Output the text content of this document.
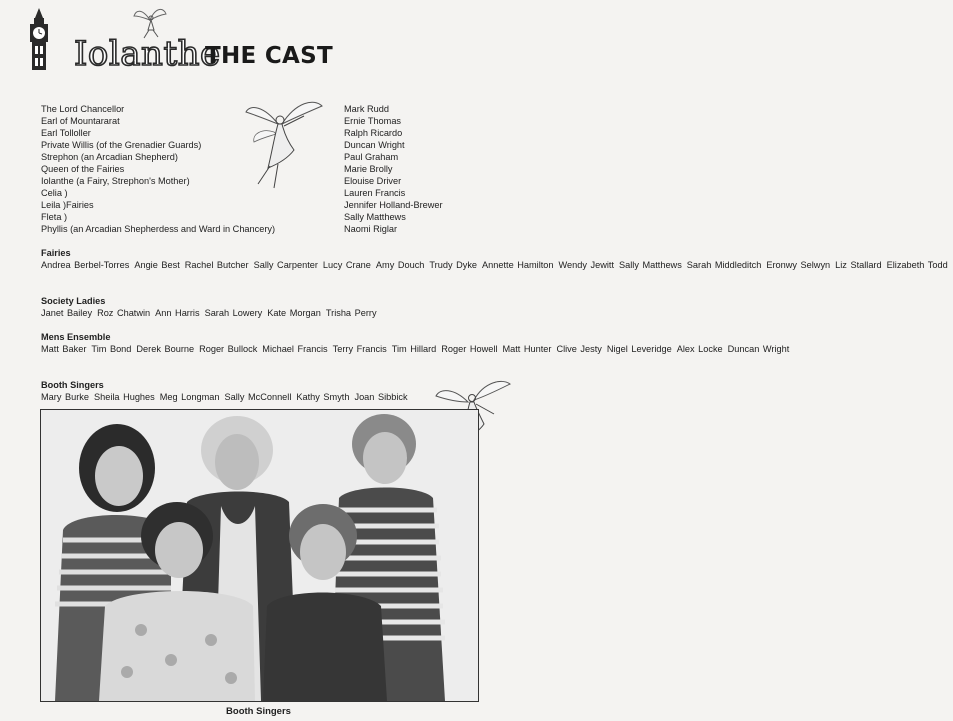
Iolanthe
THE CAST
The Lord Chancellor
Earl of Mountararat
Earl Tolloller
Private Willis (of the Grenadier Guards)
Strephon (an Arcadian Shepherd)
Queen of the Fairies
Iolanthe (a Fairy, Strephon's Mother)
Celia )
Leila )Fairies
Fleta )
Phyllis (an Arcadian Shepherdess and Ward in Chancery)
Mark Rudd
Ernie Thomas
Ralph Ricardo
Duncan Wright
Paul Graham
Marie Brolly
Elouise Driver
Lauren Francis
Jennifer Holland-Brewer
Sally Matthews
Naomi Riglar
Fairies
Andrea Berbel-Torres Angie Best Rachel Butcher Sally Carpenter Lucy Crane Amy Douch Trudy Dyke Annette Hamilton Wendy Jewitt Sally Matthews Sarah Middleditch Eronwy Selwyn Liz Stallard Elizabeth Todd
Society Ladies
Janet Bailey Roz Chatwin Ann Harris Sarah Lowery Kate Morgan Trisha Perry
Mens Ensemble
Matt Baker Tim Bond Derek Bourne Roger Bullock Michael Francis Terry Francis Tim Hillard Roger Howell Matt Hunter Clive Jesty Nigel Leveridge Alex Locke Duncan Wright
Booth Singers
Mary Burke Sheila Hughes Meg Longman Sally McConnell Kathy Smyth Joan Sibbick
Booth Singers
